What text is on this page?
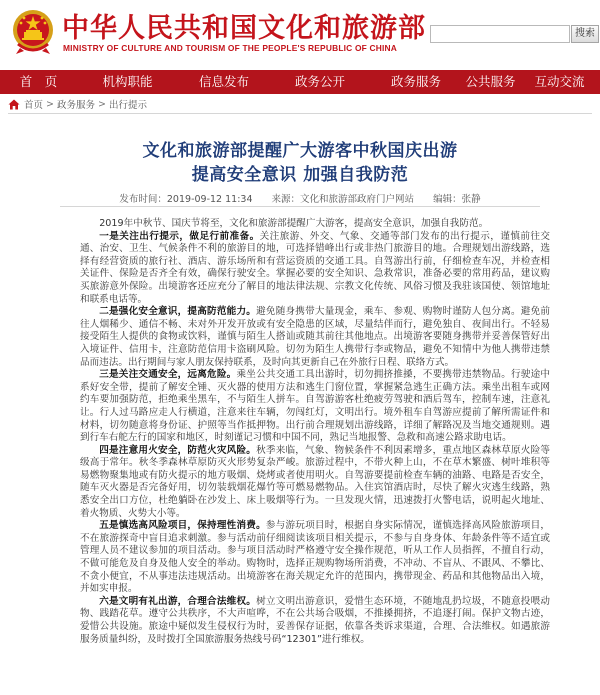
中华人民共和国文化和旅游部
MINISTRY OF CULTURE AND TOURISM OF THE PEOPLE'S REPUBLIC OF CHINA
搜索
首　页	机构职能	信息发布	政务公开	政务服务	公共服务	互动交流
首页 > 政务服务 > 出行提示
文化和旅游部提醒广大游客中秋国庆出游
提高安全意识 加强自我防范
发布时间：2019-09-12 11:34 来源：文化和旅游部政府门户网站 编辑：张静

2019年中秋节、国庆节将至，文化和旅游部提醒广大游客，提高安全意识，加强自我防范。

一是关注出行提示，做足行前准备。关注旅游、外交、气象、交通等部门发布的出行提示，谨慎前往交通、治安、卫生、气候条件不利的旅游目的地，可选择错峰出行或非热门旅游目的地。合理规划出游线路，选择有经营资质的旅行社、酒店、游乐场所和有营运资质的交通工具。自驾游出行前，仔细检查车况，并检查相关证件、保险是否齐全有效，确保行驶安全。掌握必要的安全知识、急救常识，准备必要的常用药品，建议购买旅游意外保险。出境游客还应充分了解目的地法律法规、宗教文化传统、风俗习惯及我驻该国使、领馆地址和联系电话等。

二是强化安全意识，提高防范能力。避免随身携带大量现金，乘车、参观、购物时谨防人包分离。避免前往人烟稀少、通信不畅、未对外开发开放或有安全隐患的区域，尽量结伴而行，避免独自、夜间出行。不轻易接受陌生人提供的食物或饮料，谨慎与陌生人搭讪或随其前往其他地点。出境游客要随身携带并妥善保管好出入境证件、信用卡，注意防范信用卡盗刷风险。切勿为陌生人携带行李或物品，避免不知情中为他人携带违禁品而违法。出行期间与家人朋友保持联系，及时向其更新自己在外旅行日程、联络方式。

三是关注交通安全，远离危险。乘坐公共交通工具出游时，切勿拥挤推搡，不要携带违禁物品。行驶途中系好安全带，提前了解安全锤、灭火器的使用方法和逃生门窗位置，掌握紧急逃生正确方法。乘坐出租车或网约车要加强防范，拒绝乘坐黑车，不与陌生人拼车。自驾游游客杜绝疲劳驾驶和酒后驾车，控制车速，注意礼让。行人过马路应走人行横道，注意来往车辆，勿闯红灯，文明出行。境外租车自驾游应提前了解所需证件和材料，切勿随意将身份证、护照等当作抵押物。出行前合理规划出游线路，详细了解路况及当地交通规则。遇到行车右舵左行的国家和地区，时刻谨记习惯和中国不同，熟记当地报警、急救和高速公路求助电话。

四是注意用火安全，防范火灾风险。秋季来临，气象、物候条件不利因素增多，重点地区森林草原火险等级高于常年。秋冬季森林草原防灭火形势复杂严峻。旅游过程中，不带火种上山，不在草木繁盛、树叶堆积等易燃物聚集地或有防火提示的地方吸烟、烧烤或者使用明火。自驾游要提前检查车辆的油路、电路是否安全，随车灭火器是否完备好用，切勿装载烟花爆竹等可燃易燃物品。入住宾馆酒店时，尽快了解火灾逃生线路，熟悉安全出口方位，杜绝躺卧在沙发上、床上吸烟等行为。一旦发现火情，迅速拨打火警电话，说明起火地址、着火物质、火势大小等。

五是慎选高风险项目，保持理性消费。参与游玩项目时，根据自身实际情况，谨慎选择高风险旅游项目，不在旅游探奇中盲目追求刺激。参与活动前仔细阅读该项目相关提示，不参与自身身体、年龄条件等不适宜或管理人员不建议参加的项目活动。参与项目活动时严格遵守安全操作规范，听从工作人员指挥，不擅自行动，不做可能危及自身及他人安全的举动。购物时，选择正规购物场所消费，不冲动、不盲从、不跟风、不攀比、不贪小便宜，不从事违法违规活动。出境游客在海关规定允许的范围内，携带现金、药品和其他物品出入境，并如实申报。

六是文明有礼出游，合理合法维权。树立文明出游意识，爱惜生态环境，不随地乱扔垃圾，不随意投喂动物、践踏花草。遵守公共秩序，不大声喧哗，不在公共场合吸烟，不推搡拥挤，不追逐打闹。保护文物古迹，爱惜公共设施。旅途中疑似发生侵权行为时，妥善保存证据，依靠各类诉求渠道，合理、合法维权。如遇旅游服务质量纠纷，及时拨打全国旅游服务热线号码“12301”进行维权。
